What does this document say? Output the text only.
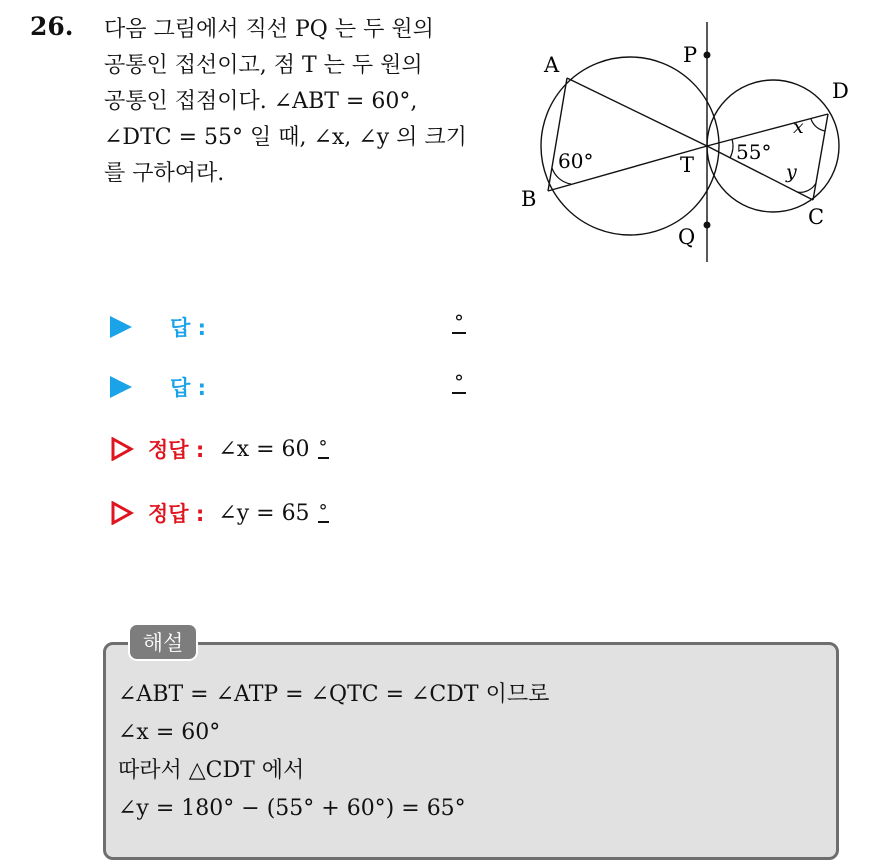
26. 다음 그림에서 직선 PQ 는 두 원의
공통인 접선이고, 점 T 는 두 원의
공통인 접점이다. ∠ABT = 60°,
∠DTC = 55° 일 때, ∠x, ∠y 의 크기
를 구하여라.

A
B
C
D
P
Q
T
60°	55°
x
y
답 :	°
답 :	°
정답 : ∠x = 60 °
정답 : ∠y = 65 °
해설
∠ABT = ∠ATP = ∠QTC = ∠CDT 이므로
∠x = 60°
따라서 △CDT 에서
∠y = 180° − (55° + 60°) = 65°
